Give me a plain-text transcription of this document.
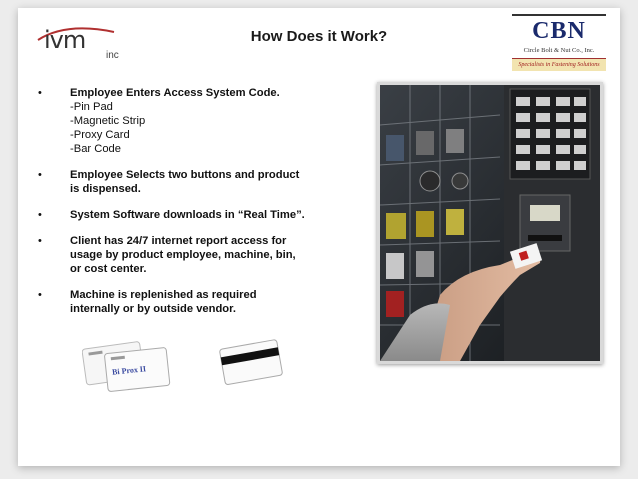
ivm
inc
How Does it Work?	CBN
Circle Bolt & Nut Co., Inc.
Specialists in Fastening Solutions
•	Employee Enters Access System Code.
-Pin Pad
-Magnetic Strip
-Proxy Card
-Bar Code
•	Employee Selects two buttons and product
is dispensed.
•	System Software downloads in “Real Time”.
•	Client has 24/7 internet report access for
usage by product employee, machine, bin,
or cost center.
•	Machine is replenished as required
internally or by outside vendor.
Bi Prox II
